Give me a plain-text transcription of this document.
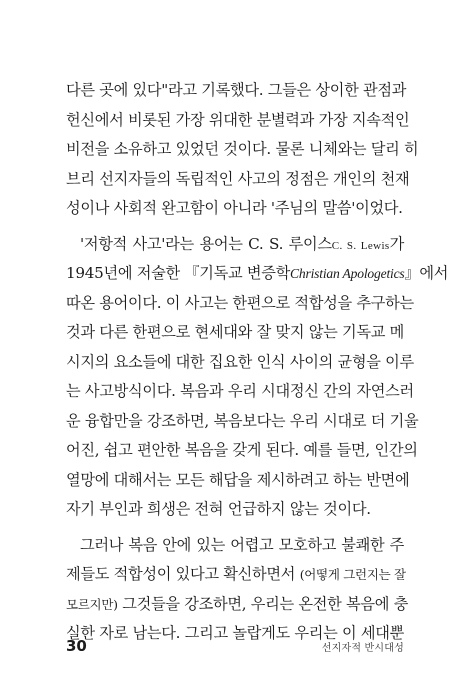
다른 곳에 있다"라고 기록했다. 그들은 상이한 관점과
헌신에서 비롯된 가장 위대한 분별력과 가장 지속적인
비전을 소유하고 있었던 것이다. 물론 니체와는 달리 히
브리 선지자들의 독립적인 사고의 정점은 개인의 천재
성이나 사회적 완고함이 아니라 '주님의 말씀'이었다.
'저항적 사고'라는 용어는 C. S. 루이스C. S. Lewis가
1945년에 저술한 『기독교 변증학Christian Apologetics』에서
따온 용어이다. 이 사고는 한편으로 적합성을 추구하는
것과 다른 한편으로 현세대와 잘 맞지 않는 기독교 메
시지의 요소들에 대한 집요한 인식 사이의 균형을 이루
는 사고방식이다. 복음과 우리 시대정신 간의 자연스러
운 융합만을 강조하면, 복음보다는 우리 시대로 더 기울
어진, 쉽고 편안한 복음을 갖게 된다. 예를 들면, 인간의
열망에 대해서는 모든 해답을 제시하려고 하는 반면에
자기 부인과 희생은 전혀 언급하지 않는 것이다.
그러나 복음 안에 있는 어렵고 모호하고 불쾌한 주
제들도 적합성이 있다고 확신하면서 (어떻게 그런지는 잘
모르지만) 그것들을 강조하면, 우리는 온전한 복음에 충
실한 자로 남는다. 그리고 놀랍게도 우리는 이 세대뿐
30	선지자적 반시대성
